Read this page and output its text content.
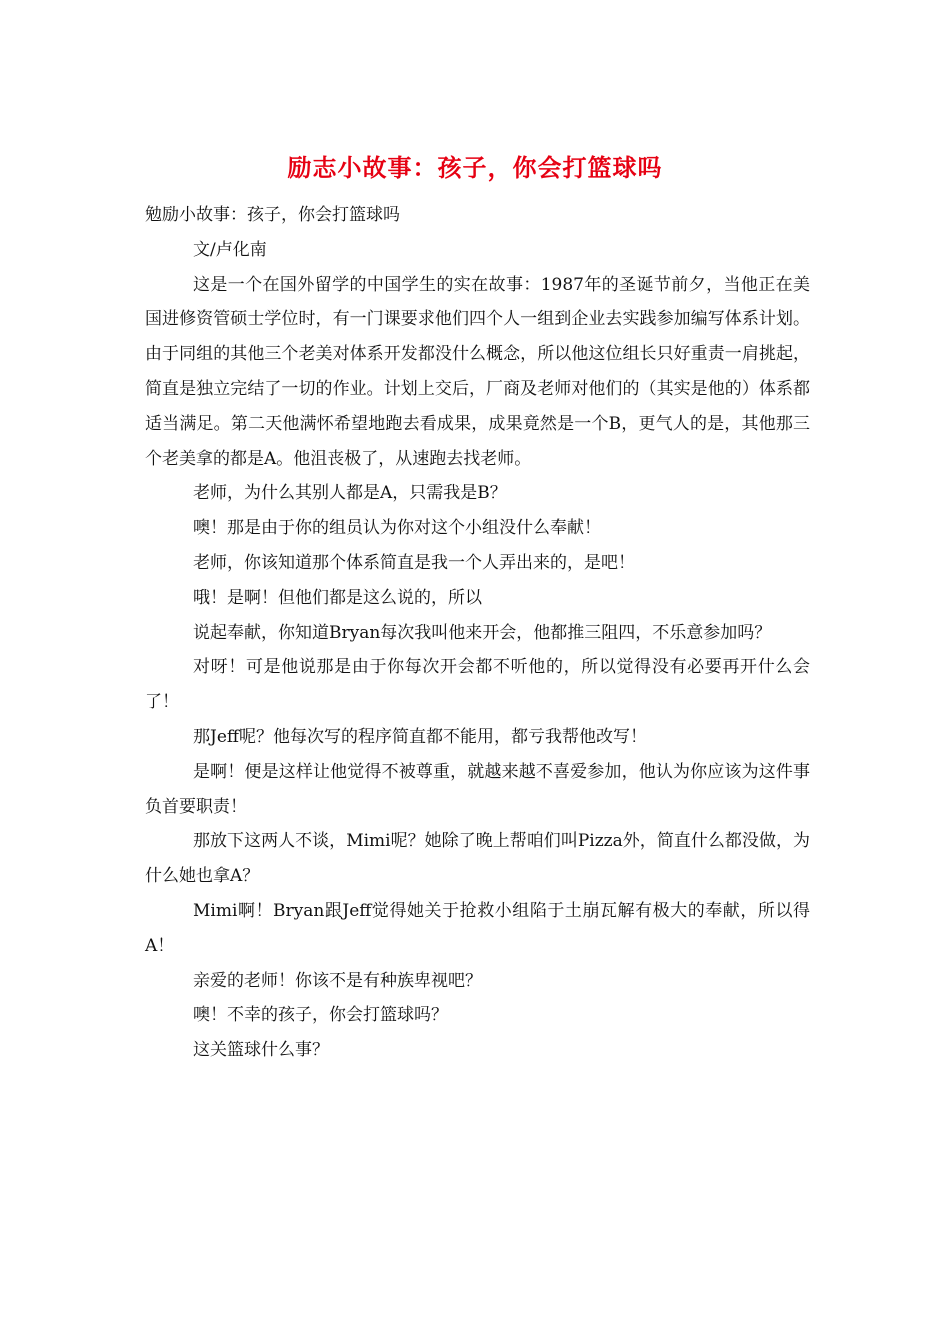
励志小故事：孩子，你会打篮球吗

勉励小故事：孩子，你会打篮球吗

文/卢化南

这是一个在国外留学的中国学生的实在故事：1987年的圣诞节前夕，当他正在美国进修资管硕士学位时，有一门课要求他们四个人一组到企业去实践参加编写体系计划。由于同组的其他三个老美对体系开发都没什么概念，所以他这位组长只好重责一肩挑起，简直是独立完结了一切的作业。计划上交后，厂商及老师对他们的（其实是他的）体系都适当满足。第二天他满怀希望地跑去看成果，成果竟然是一个B，更气人的是，其他那三个老美拿的都是A。他沮丧极了，从速跑去找老师。

老师，为什么其别人都是A，只需我是B？

噢！那是由于你的组员认为你对这个小组没什么奉献！

老师，你该知道那个体系简直是我一个人弄出来的，是吧！

哦！是啊！但他们都是这么说的，所以

说起奉献，你知道Bryan每次我叫他来开会，他都推三阻四，不乐意参加吗？

对呀！可是他说那是由于你每次开会都不听他的，所以觉得没有必要再开什么会了！

那Jeff呢？他每次写的程序简直都不能用，都亏我帮他改写！

是啊！便是这样让他觉得不被尊重，就越来越不喜爱参加，他认为你应该为这件事负首要职责！

那放下这两人不谈，Mimi呢？她除了晚上帮咱们叫Pizza外，简直什么都没做，为什么她也拿A？

Mimi啊！Bryan跟Jeff觉得她关于抢救小组陷于土崩瓦解有极大的奉献，所以得A！

亲爱的老师！你该不是有种族卑视吧？

噢！不幸的孩子，你会打篮球吗？

这关篮球什么事？
